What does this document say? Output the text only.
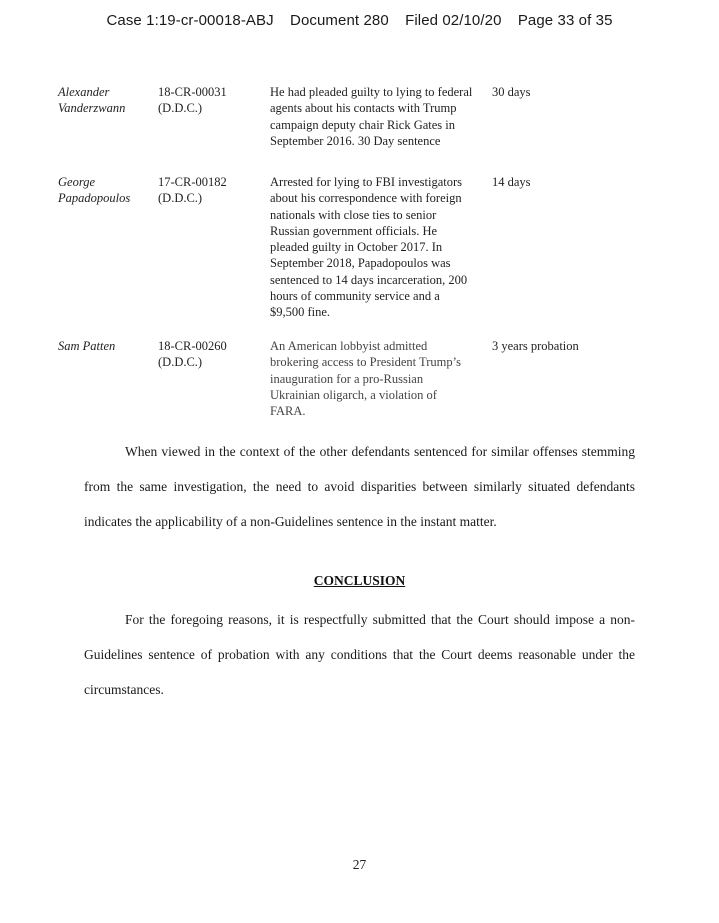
Case 1:19-cr-00018-ABJ Document 280 Filed 02/10/20 Page 33 of 35
Alexander
Vanderzwann
18-CR-00031
(D.D.C.)
He had pleaded guilty to lying to federal
agents about his contacts with Trump
campaign deputy chair Rick Gates in
September 2016. 30 Day sentence
30 days
George
Papadopoulos
17-CR-00182
(D.D.C.)
Arrested for lying to FBI investigators
about his correspondence with foreign
nationals with close ties to senior
Russian government officials. He
pleaded guilty in October 2017. In
September 2018, Papadopoulos was
sentenced to 14 days incarceration, 200
hours of community service and a
$9,500 fine.
14 days
Sam Patten	18-CR-00260
(D.D.C.)
An American lobbyist admitted
brokering access to President Trump’s
inauguration for a pro-Russian
Ukrainian oligarch, a violation of
FARA.
3 years probation
When viewed in the context of the other defendants sentenced for similar offenses stemming from the same investigation, the need to avoid disparities between similarly situated defendants indicates the applicability of a non-Guidelines sentence in the instant matter.
CONCLUSION
For the foregoing reasons, it is respectfully submitted that the Court should impose a non-Guidelines sentence of probation with any conditions that the Court deems reasonable under the circumstances.
27
